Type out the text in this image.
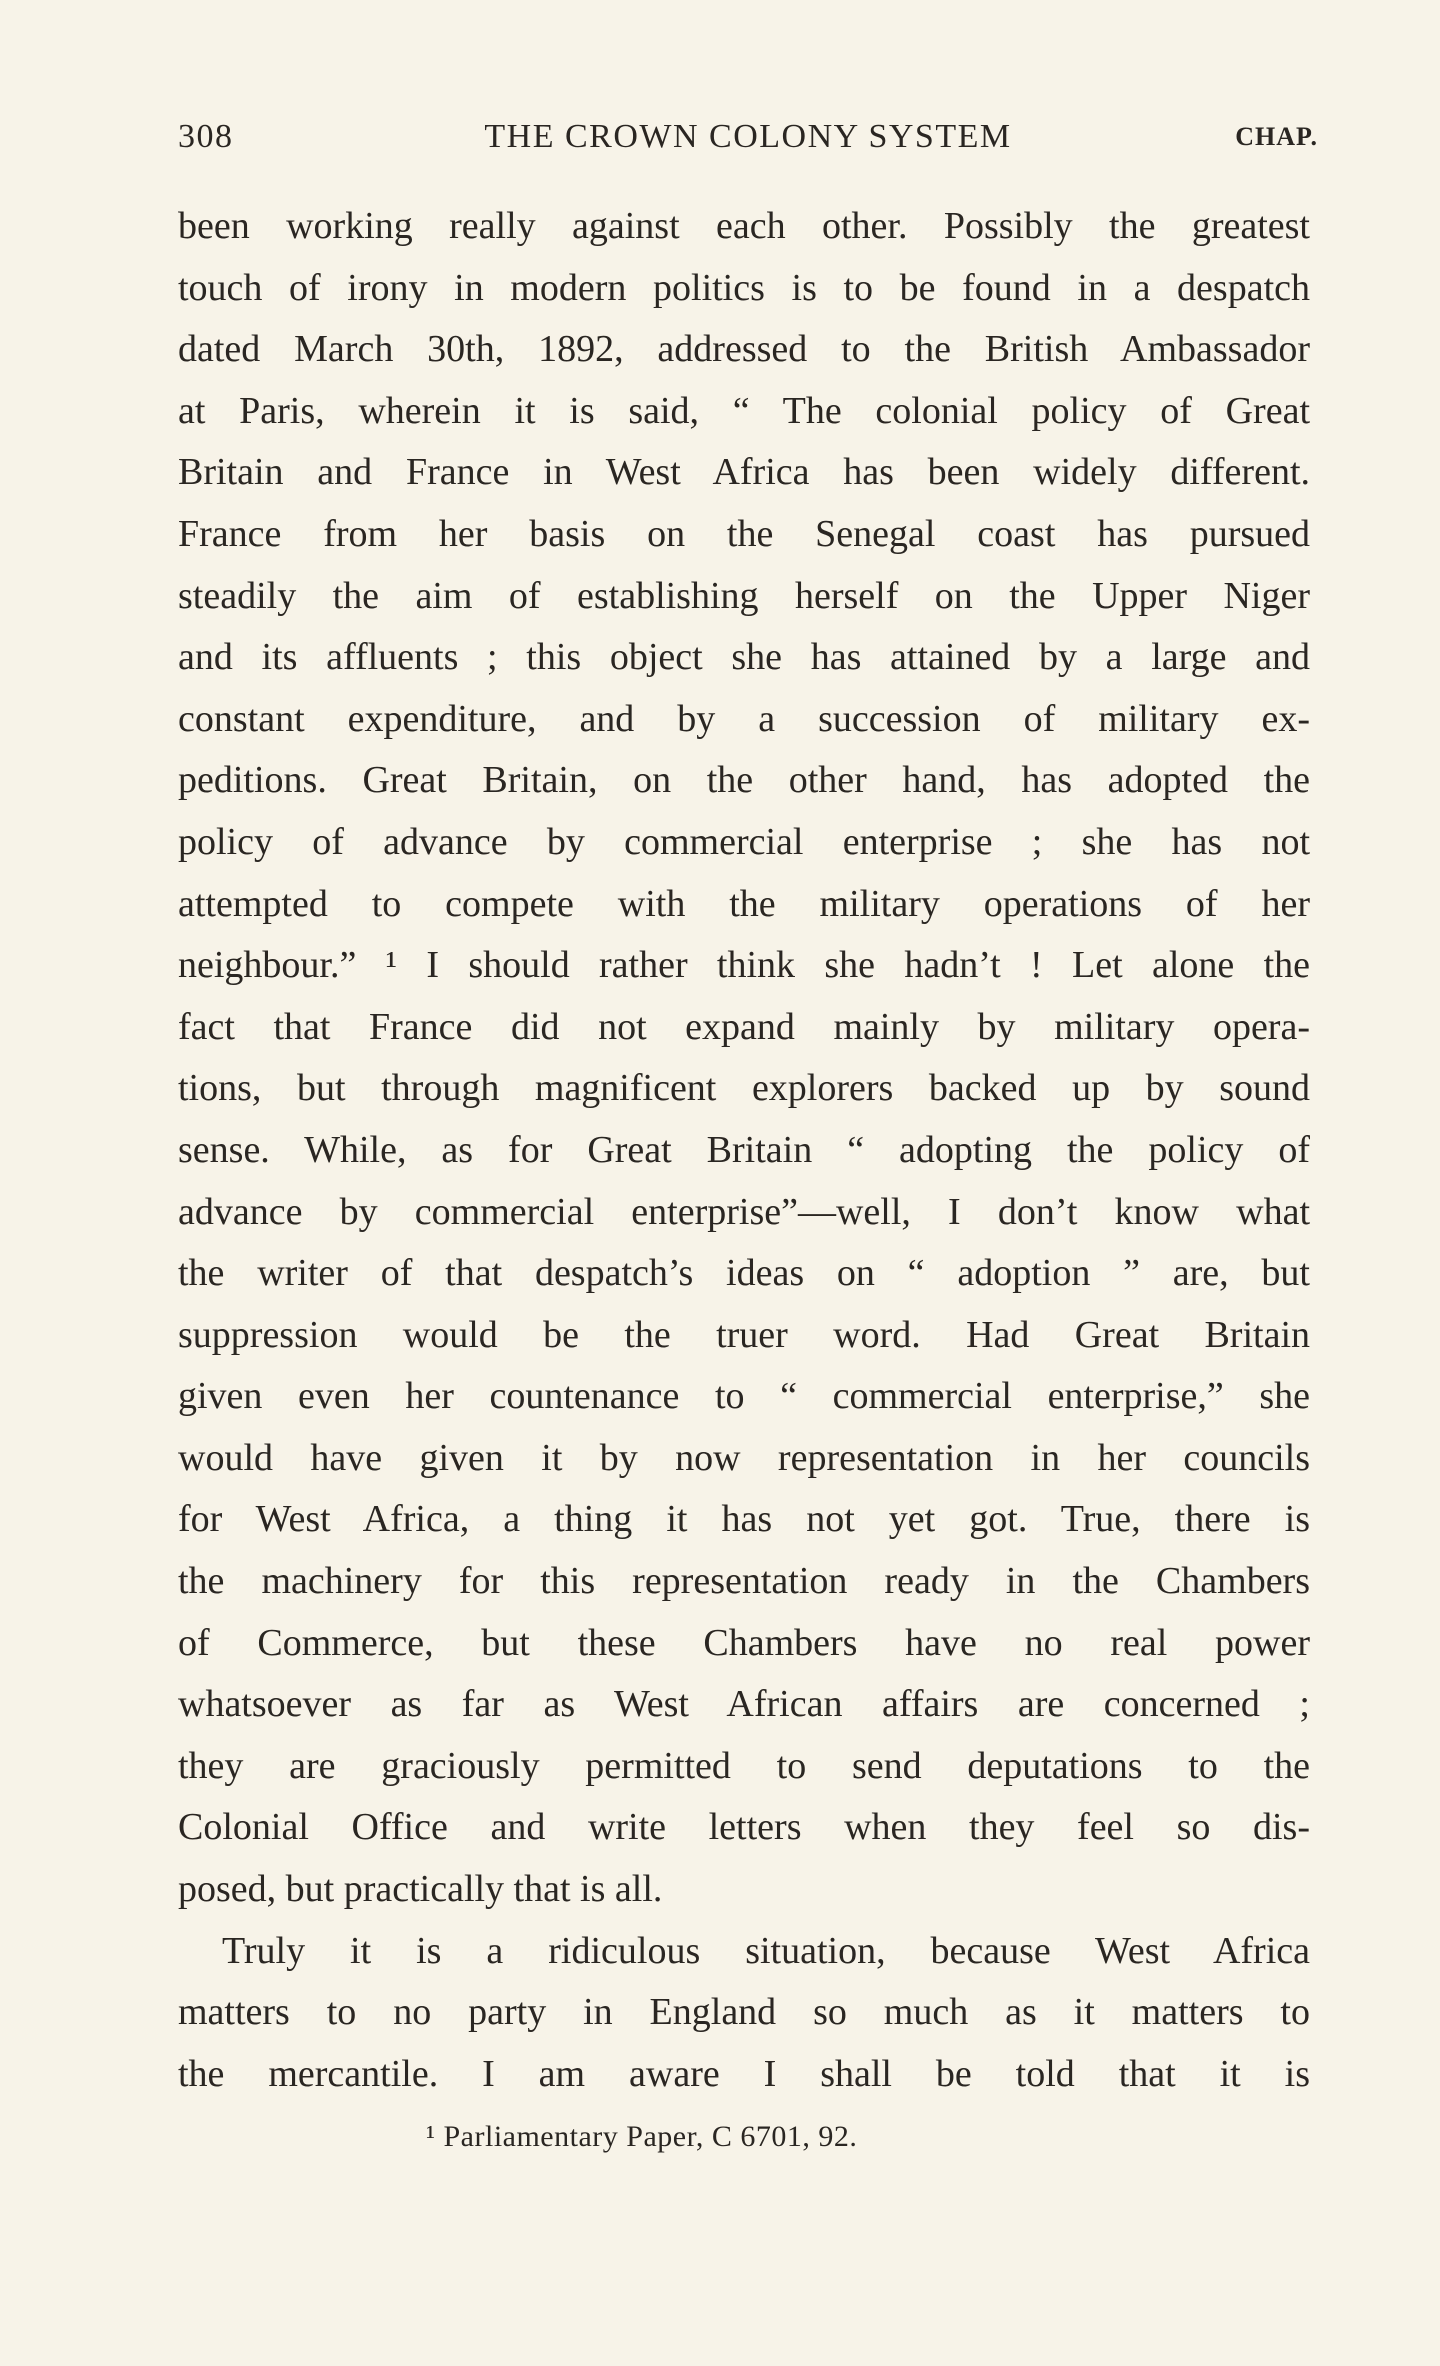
308	THE CROWN COLONY SYSTEM	CHAP.
been working really against each other. Possibly the greatest
touch of irony in modern politics is to be found in a despatch
dated March 30th, 1892, addressed to the British Ambassador
at Paris, wherein it is said, “ The colonial policy of Great
Britain and France in West Africa has been widely different.
France from her basis on the Senegal coast has pursued
steadily the aim of establishing herself on the Upper Niger
and its affluents ; this object she has attained by a large and
constant expenditure, and by a succession of military ex-
peditions. Great Britain, on the other hand, has adopted the
policy of advance by commercial enterprise ; she has not
attempted to compete with the military operations of her
neighbour.” ¹ I should rather think she hadn’t ! Let alone the
fact that France did not expand mainly by military opera-
tions, but through magnificent explorers backed up by sound
sense. While, as for Great Britain “ adopting the policy of
advance by commercial enterprise”—well, I don’t know what
the writer of that despatch’s ideas on “ adoption ” are, but
suppression would be the truer word. Had Great Britain
given even her countenance to “ commercial enterprise,” she
would have given it by now representation in her councils
for West Africa, a thing it has not yet got. True, there is
the machinery for this representation ready in the Chambers
of Commerce, but these Chambers have no real power
whatsoever as far as West African affairs are concerned ;
they are graciously permitted to send deputations to the
Colonial Office and write letters when they feel so dis-
posed, but practically that is all.
Truly it is a ridiculous situation, because West Africa
matters to no party in England so much as it matters to
the mercantile. I am aware I shall be told that it is
¹ Parliamentary Paper, C 6701, 92.
